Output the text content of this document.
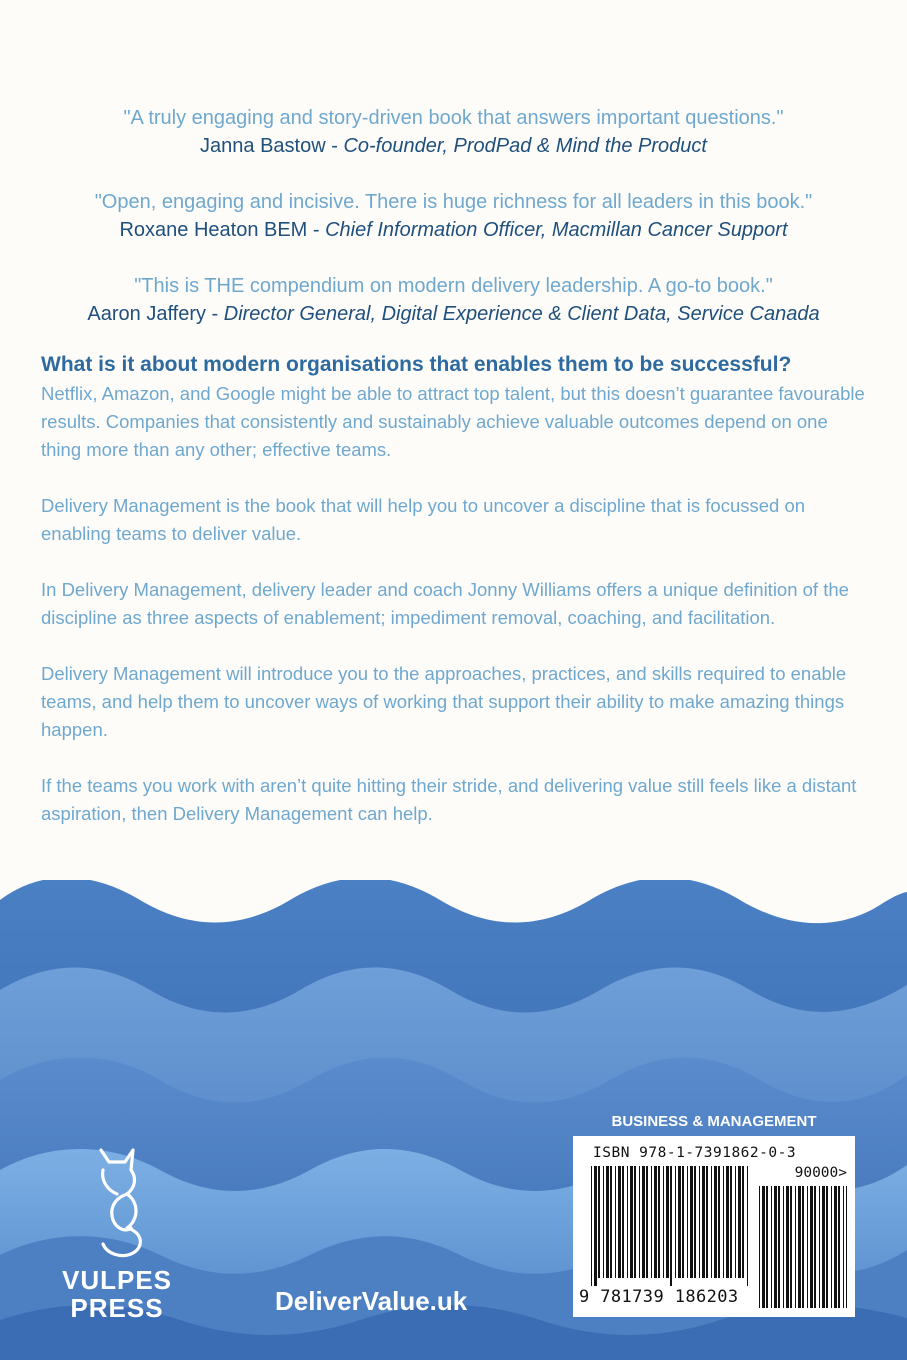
"A truly engaging and story-driven book that answers important questions."
Janna Bastow - Co-founder, ProdPad & Mind the Product
"Open, engaging and incisive. There is huge richness for all leaders in this book."
Roxane Heaton BEM - Chief Information Officer, Macmillan Cancer Support
"This is THE compendium on modern delivery leadership. A go-to book."
Aaron Jaffery - Director General, Digital Experience & Client Data, Service Canada

What is it about modern organisations that enables them to be successful?

Netflix, Amazon, and Google might be able to attract top talent, but this doesn’t guarantee favourable results. Companies that consistently and sustainably achieve valuable outcomes depend on one thing more than any other; effective teams.

Delivery Management is the book that will help you to uncover a discipline that is focussed on enabling teams to deliver value.

In Delivery Management, delivery leader and coach Jonny Williams offers a unique definition of the discipline as three aspects of enablement; impediment removal, coaching, and facilitation.

Delivery Management will introduce you to the approaches, practices, and skills required to enable teams, and help them to uncover ways of working that support their ability to make amazing things happen.

If the teams you work with aren’t quite hitting their stride, and delivering value still feels like a distant aspiration, then Delivery Management can help.

VULPES
PRESS	DeliverValue.uk
BUSINESS & MANAGEMENT
ISBN 978-1-7391862-0-3
90000>
9 781739 186203
